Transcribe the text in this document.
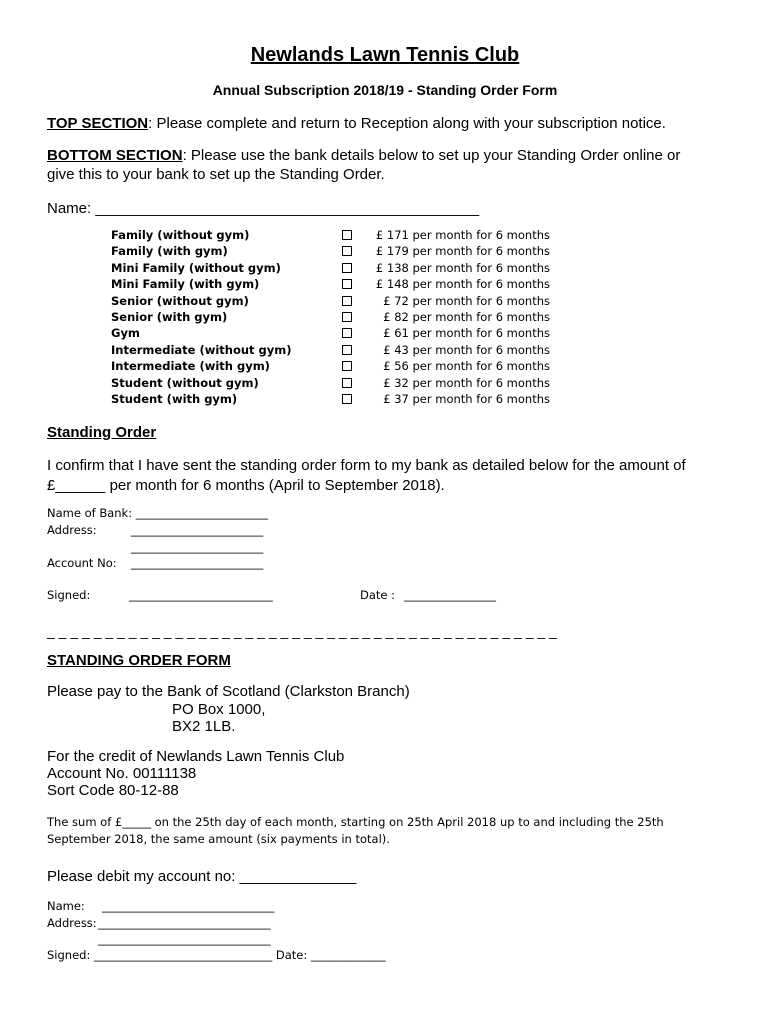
Newlands Lawn Tennis Club
Annual Subscription 2018/19 - Standing Order Form
TOP SECTION: Please complete and return to Reception along with your subscription notice.
BOTTOM SECTION: Please use the bank details below to set up your Standing Order online or
give this to your bank to set up the Standing Order.
Name: ______________________________________________
Family (without gym)	£ 171 per month for 6 months
Family (with gym)	£ 179 per month for 6 months
Mini Family (without gym)	£ 138 per month for 6 months
Mini Family (with gym)	£ 148 per month for 6 months
Senior (without gym)	£ 72 per month for 6 months
Senior (with gym)	£ 82 per month for 6 months
Gym	£ 61 per month for 6 months
Intermediate (without gym)	£ 43 per month for 6 months
Intermediate (with gym)	£ 56 per month for 6 months
Student (without gym)	£ 32 per month for 6 months
Student (with gym)	£ 37 per month for 6 months
Standing Order
I confirm that I have sent the standing order form to my bank as detailed below for the amount of
£______ per month for 6 months (April to September 2018).
Name of Bank: _______________________
Address:	_______________________
_______________________
Account No: _______________________
Signed:	_________________________	Date : ________________
_ _ _ _ _ _ _ _ _ _ _ _ _ _ _ _ _ _ _ _ _ _ _ _ _ _ _ _ _ _ _ _ _ _ _ _ _ _ _ _ _ _ _ _
STANDING ORDER FORM
Please pay to the Bank of Scotland (Clarkston Branch)
PO Box 1000,
BX2 1LB.
For the credit of Newlands Lawn Tennis Club
Account No. 00111138
Sort Code 80-12-88
The sum of £_____ on the 25th day of each month, starting on 25th April 2018 up to and including the 25th
September 2018, the same amount (six payments in total).
Please debit my account no: ______________
Name: ______________________________
Address: ______________________________
______________________________
Signed: _______________________________ Date: _____________
